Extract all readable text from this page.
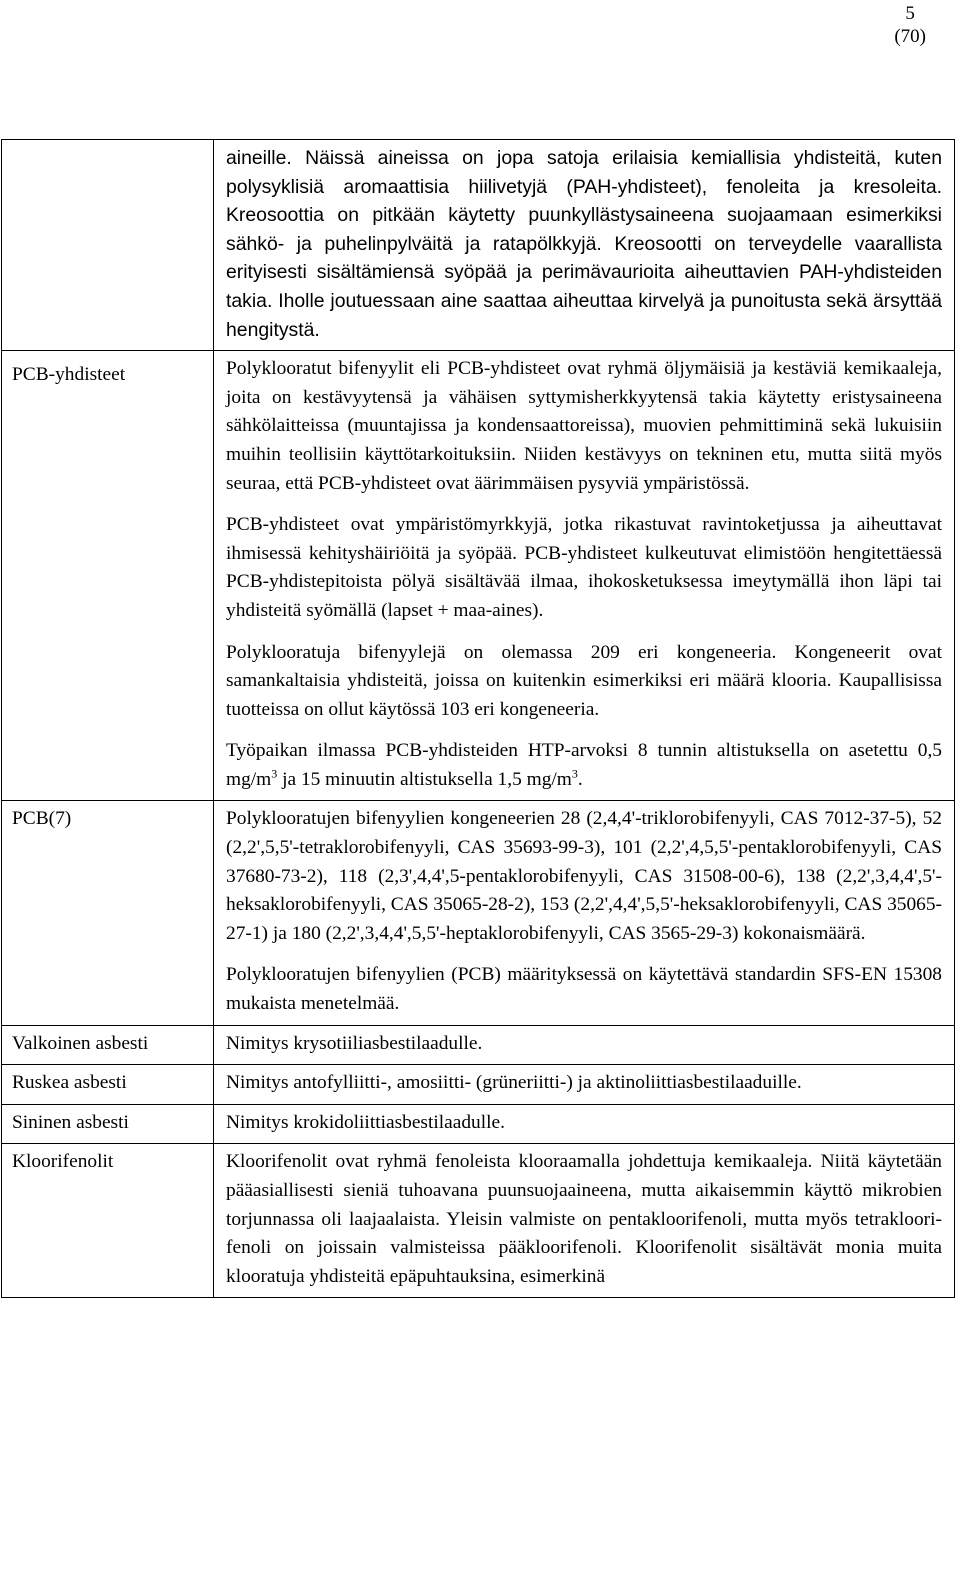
5
(70)

	aineille. Näissä aineissa on jopa satoja erilaisia kemiallisia yhdisteitä, kuten polysyklisiä aromaattisia hiilivetyjä (PAH-yhdisteet), fenoleita ja kresoleita. Kreosoottia on pitkään käytetty puunkyllästysaineena suojaamaan esimerkiksi sähkö- ja puhelinpylväitä ja ratapölkkyjä. Kreosootti on terveydelle vaarallista erityisesti sisältämiensä syöpää ja perimävaurioita aiheuttavien PAH-yhdisteiden takia. Iholle joutuessaan aine saattaa aiheuttaa kirvelyä ja punoitusta sekä ärsyttää hengitystä.

PCB-yhdisteet	Polyklooratut bifenyylit eli PCB-yhdisteet ovat ryhmä öljymäisiä ja kestäviä kemikaaleja, joita on kestävyytensä ja vähäisen syttymisherkkyytensä takia käytetty eristysaineena sähkölaitteissa (muuntajissa ja kondensaattoreissa), muovien pehmittiminä sekä lukuisiin muihin teollisiin käyttötarkoituksiin. Niiden kestävyys on tekninen etu, mutta siitä myös seuraa, että PCB-yhdisteet ovat äärimmäisen pysyviä ympäristössä.

PCB-yhdisteet ovat ympäristömyrkkyjä, jotka rikastuvat ravintoketjussa ja aiheuttavat ihmisessä kehityshäiriöitä ja syöpää. PCB-yhdisteet kulkeutuvat elimistöön hengitettäessä PCB-yhdistepitoista pölyä sisältävää ilmaa, ihokosketuksessa imeytymällä ihon läpi tai yhdisteitä syömällä (lapset + maa-aines).

Polyklooratuja bifenyylejä on olemassa 209 eri kongeneeria. Kongeneerit ovat samankaltaisia yhdisteitä, joissa on kuitenkin esimerkiksi eri määrä klooria. Kaupallisissa tuotteissa on ollut käytössä 103 eri kongeneeria.

Työpaikan ilmassa PCB-yhdisteiden HTP-arvoksi 8 tunnin altistuksella on asetettu 0,5 $mg/m^3$ ja 15 minuutin altistuksella 1,5 $mg/m^3$.

PCB(7)	Polyklooratujen bifenyylien kongeneerien 28 (2,4,4'-triklorobifenyyli, CAS 7012-37-5), 52 (2,2',5,5'-tetraklorobifenyyli, CAS 35693-99-3), 101 (2,2',4,5,5'-pentaklorobifenyyli, CAS 37680-73-2), 118 (2,3',4,4',5-pentaklorobifenyyli, CAS 31508-00-6), 138 (2,2',3,4,4',5'-heksaklorobifenyyli, CAS 35065-28-2), 153 (2,2',4,4',5,5'-heksaklorobifenyyli, CAS 35065-27-1) ja 180 (2,2',3,4,4',5,5'-heptaklorobifenyyli, CAS 3565-29-3) kokonaismäärä.

Polyklooratujen bifenyylien (PCB) määrityksessä on käytettävä standardin SFS-EN 15308 mukaista menetelmää.

Valkoinen asbesti	Nimitys krysotiiliasbestilaadulle.

Ruskea asbesti	Nimitys antofylliitti-, amosiitti- (grüneriitti-) ja aktinoliittiasbestilaaduille.

Sininen asbesti	Nimitys krokidoliittiasbestilaadulle.

Kloorifenolit	Kloorifenolit ovat ryhmä fenoleista klooraamalla johdettuja kemikaaleja. Niitä käytetään pääasiallisesti sieniä tuhoavana puunsuojaaineena, mutta aikaisemmin käyttö mikrobien torjunnassa oli laajaalaista. Yleisin valmiste on pentakloorifenoli, mutta myös tetrakloorifenoli on joissain valmisteissa pääkloorifenoli. Kloorifenolit sisältävät monia muita klooratuja yhdisteitä epäpuhtauksina, esimerkinä
